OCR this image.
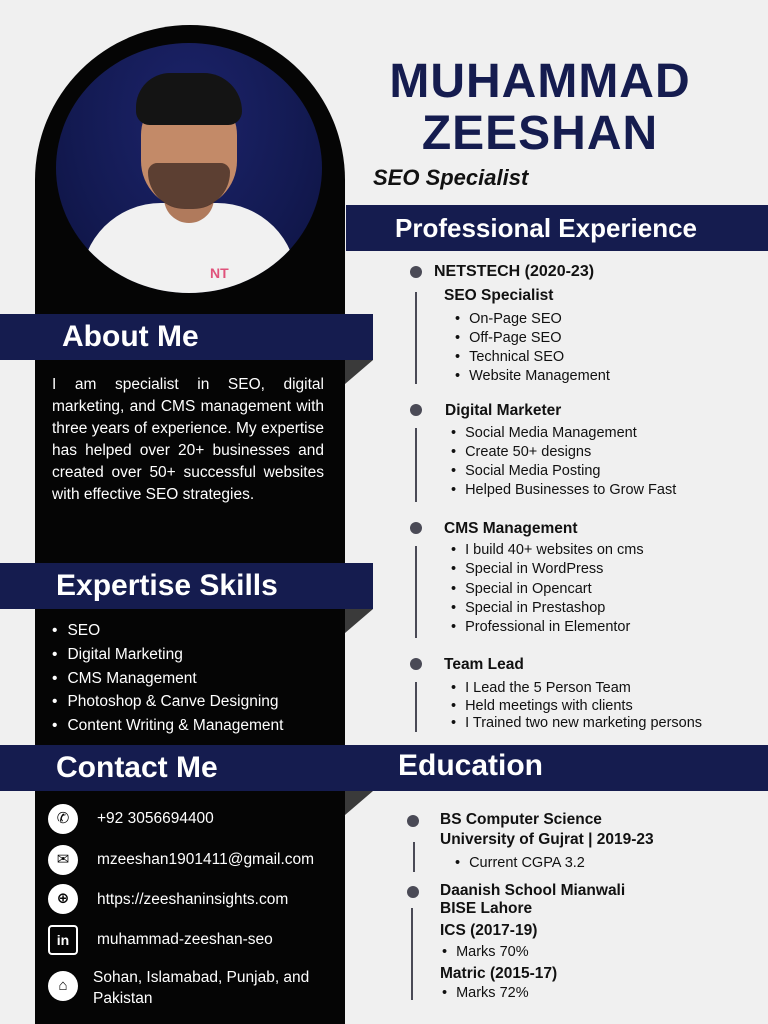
NT
About Me
I am specialist in SEO, digital marketing, and CMS management with three years of experience. My expertise has helped over 20+ businesses and created over 50+ successful websites with effective SEO strategies.
Expertise Skills
• SEO
• Digital Marketing
• CMS Management
• Photoshop & Canve Designing
• Content Writing & Management
Contact Me
✆	+92 3056694400
✉	mzeeshan1901411@gmail.com
⊕	https://zeeshaninsights.com
in	muhammad-zeeshan-seo
⌂	Sohan, Islamabad, Punjab, and Pakistan
MUHAMMAD
ZEESHAN
SEO Specialist
Professional Experience
NETSTECH (2020-23)
SEO Specialist
• On-Page SEO
• Off-Page SEO
• Technical SEO
• Website Management
Digital Marketer
• Social Media Management
• Create 50+ designs
• Social Media Posting
• Helped Businesses to Grow Fast
CMS Management
• I build 40+ websites on cms
• Special in WordPress
• Special in Opencart
• Special in Prestashop
• Professional in Elementor
Team Lead
• I Lead the 5 Person Team
• Held meetings with clients
• I Trained two new marketing persons
Education
BS Computer Science
University of Gujrat | 2019-23
• Current CGPA 3.2
Daanish School Mianwali
BISE Lahore
ICS (2017-19)
• Marks 70%
Matric (2015-17)
• Marks 72%
